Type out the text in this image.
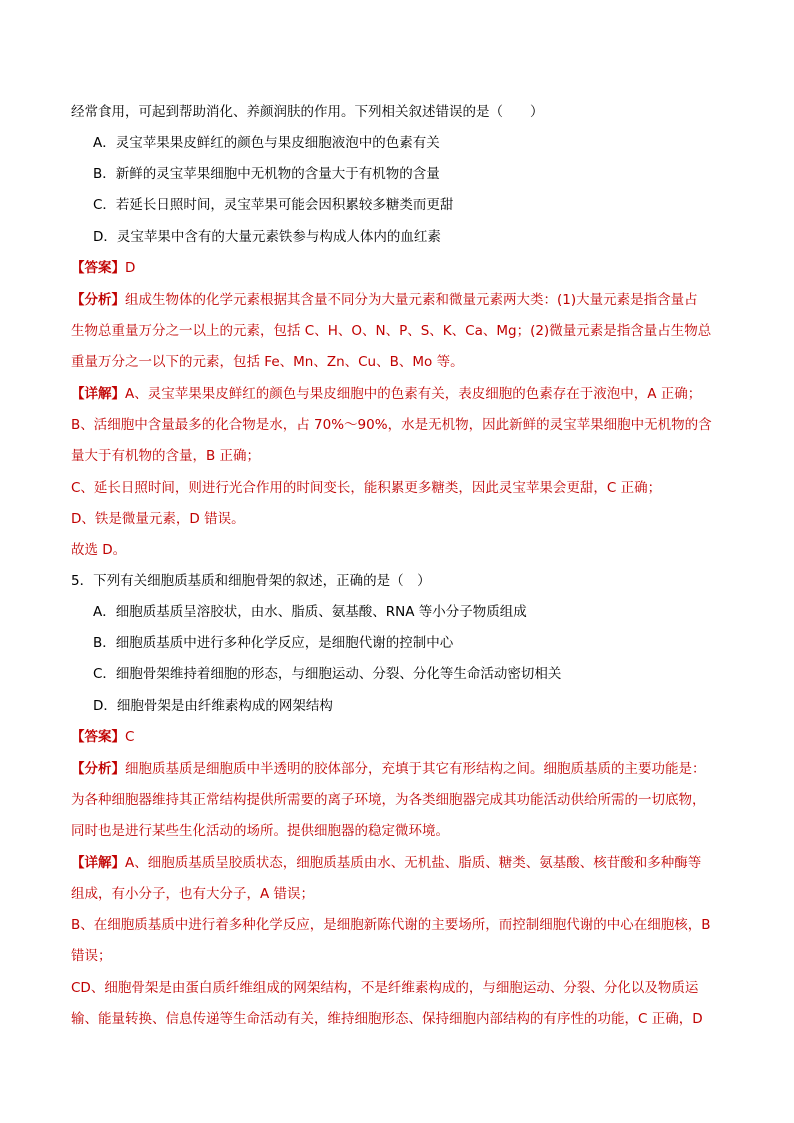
经常食用，可起到帮助消化、养颜润肤的作用。下列相关叙述错误的是（　　）
A．灵宝苹果果皮鲜红的颜色与果皮细胞液泡中的色素有关
B．新鲜的灵宝苹果细胞中无机物的含量大于有机物的含量
C．若延长日照时间，灵宝苹果可能会因积累较多糖类而更甜
D．灵宝苹果中含有的大量元素铁参与构成人体内的血红素
【答案】D
【分析】组成生物体的化学元素根据其含量不同分为大量元素和微量元素两大类：(1)大量元素是指含量占
生物总重量万分之一以上的元素，包括 C、H、O、N、P、S、K、Ca、Mg；(2)微量元素是指含量占生物总
重量万分之一以下的元素，包括 Fe、Mn、Zn、Cu、B、Mo 等。
【详解】A、灵宝苹果果皮鲜红的颜色与果皮细胞中的色素有关，表皮细胞的色素存在于液泡中，A 正确；
B、活细胞中含量最多的化合物是水，占 70%～90%，水是无机物，因此新鲜的灵宝苹果细胞中无机物的含
量大于有机物的含量，B 正确；
C、延长日照时间，则进行光合作用的时间变长，能积累更多糖类，因此灵宝苹果会更甜，C 正确；
D、铁是微量元素，D 错误。
故选 D。
5．下列有关细胞质基质和细胞骨架的叙述，正确的是（　）
A．细胞质基质呈溶胶状，由水、脂质、氨基酸、RNA 等小分子物质组成
B．细胞质基质中进行多种化学反应，是细胞代谢的控制中心
C．细胞骨架维持着细胞的形态，与细胞运动、分裂、分化等生命活动密切相关
D．细胞骨架是由纤维素构成的网架结构
【答案】C
【分析】细胞质基质是细胞质中半透明的胶体部分，充填于其它有形结构之间。细胞质基质的主要功能是：
为各种细胞器维持其正常结构提供所需要的离子环境，为各类细胞器完成其功能活动供给所需的一切底物，
同时也是进行某些生化活动的场所。提供细胞器的稳定微环境。
【详解】A、细胞质基质呈胶质状态，细胞质基质由水、无机盐、脂质、糖类、氨基酸、核苷酸和多种酶等
组成，有小分子，也有大分子，A 错误；
B、在细胞质基质中进行着多种化学反应，是细胞新陈代谢的主要场所，而控制细胞代谢的中心在细胞核，B
错误；
CD、细胞骨架是由蛋白质纤维组成的网架结构，不是纤维素构成的，与细胞运动、分裂、分化以及物质运
输、能量转换、信息传递等生命活动有关，维持细胞形态、保持细胞内部结构的有序性的功能，C 正确，D
